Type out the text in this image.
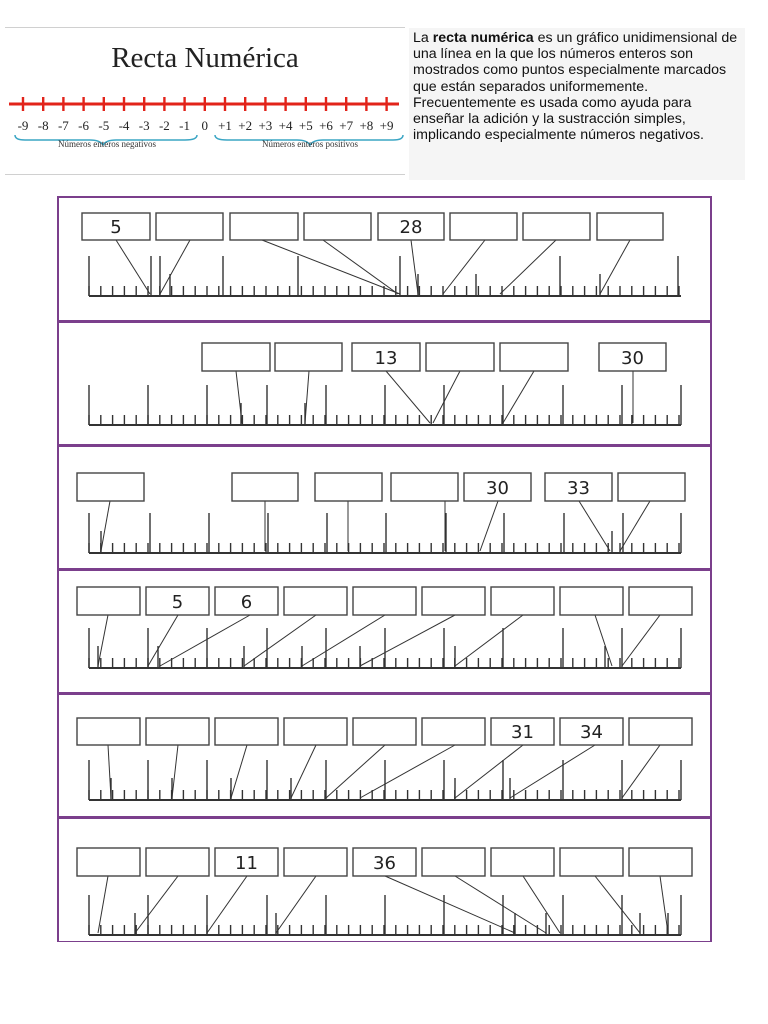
Recta Numérica
-9 -8 -7 -6 -5 -4 -3 -2 -1 0 +1 +2 +3 +4 +5 +6 +7 +8 +9
Números enteros negativos	Números enteros positivos
La recta numérica es un gráfico unidimensional de una línea en la que los números enteros son mostrados como puntos especialmente marcados que están separados uniformemente. Frecuentemente es usada como ayuda para enseñar la adición y la sustracción simples, implicando especialmente números negativos.
5	28
13	30
30	33
5	6
31	34
11	36
